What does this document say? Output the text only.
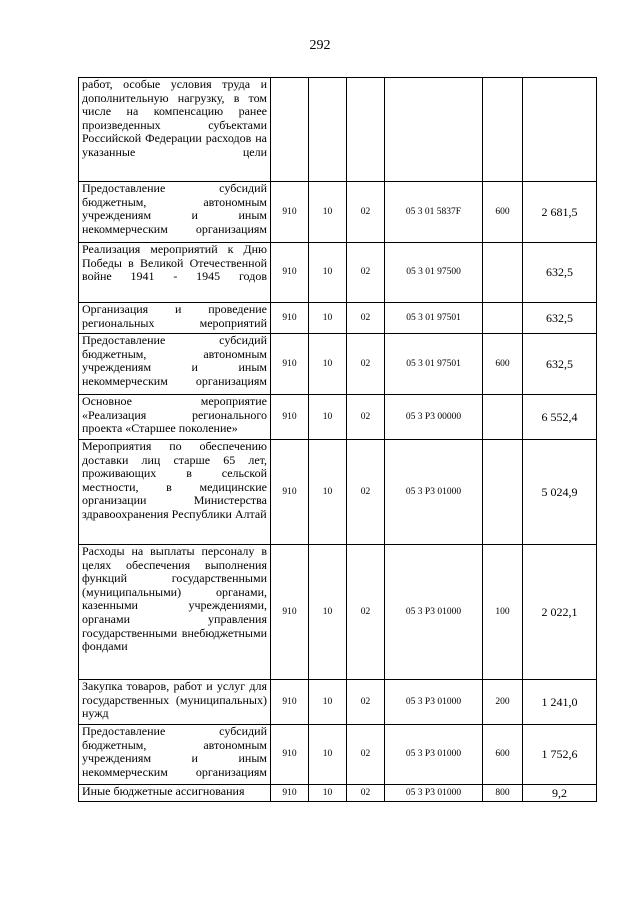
292
работ, особые условия труда и дополнительную нагрузку, в том числе на компенсацию ранее произведенных субъектами Российской Федерации расходов на указанные цели						
Предоставление субсидий бюджетным, автономным учреждениям и иным некоммерческим организациям	910	10	02	05 3 01 5837F	600	2 681,5
Реализация мероприятий к Дню Победы в Великой Отечественной войне 1941 - 1945 годов	910	10	02	05 3 01 97500		632,5
Организация и проведение региональных мероприятий	910	10	02	05 3 01 97501		632,5
Предоставление субсидий бюджетным, автономным учреждениям и иным некоммерческим организациям	910	10	02	05 3 01 97501	600	632,5
Основное мероприятие «Реализация регионального проекта «Старшее поколение»	910	10	02	05 3 P3 00000		6 552,4
Мероприятия по обеспечению доставки лиц старше 65 лет, проживающих в сельской местности, в медицинские организации Министерства здравоохранения Республики Алтай	910	10	02	05 3 P3 01000		5 024,9
Расходы на выплаты персоналу в целях обеспечения выполнения функций государственными (муниципальными) органами, казенными учреждениями, органами управления государственными внебюджетными фондами	910	10	02	05 3 P3 01000	100	2 022,1
Закупка товаров, работ и услуг для государственных (муниципальных) нужд	910	10	02	05 3 P3 01000	200	1 241,0
Предоставление субсидий бюджетным, автономным учреждениям и иным некоммерческим организациям	910	10	02	05 3 P3 01000	600	1 752,6
Иные бюджетные ассигнования	910	10	02	05 3 P3 01000	800	9,2
